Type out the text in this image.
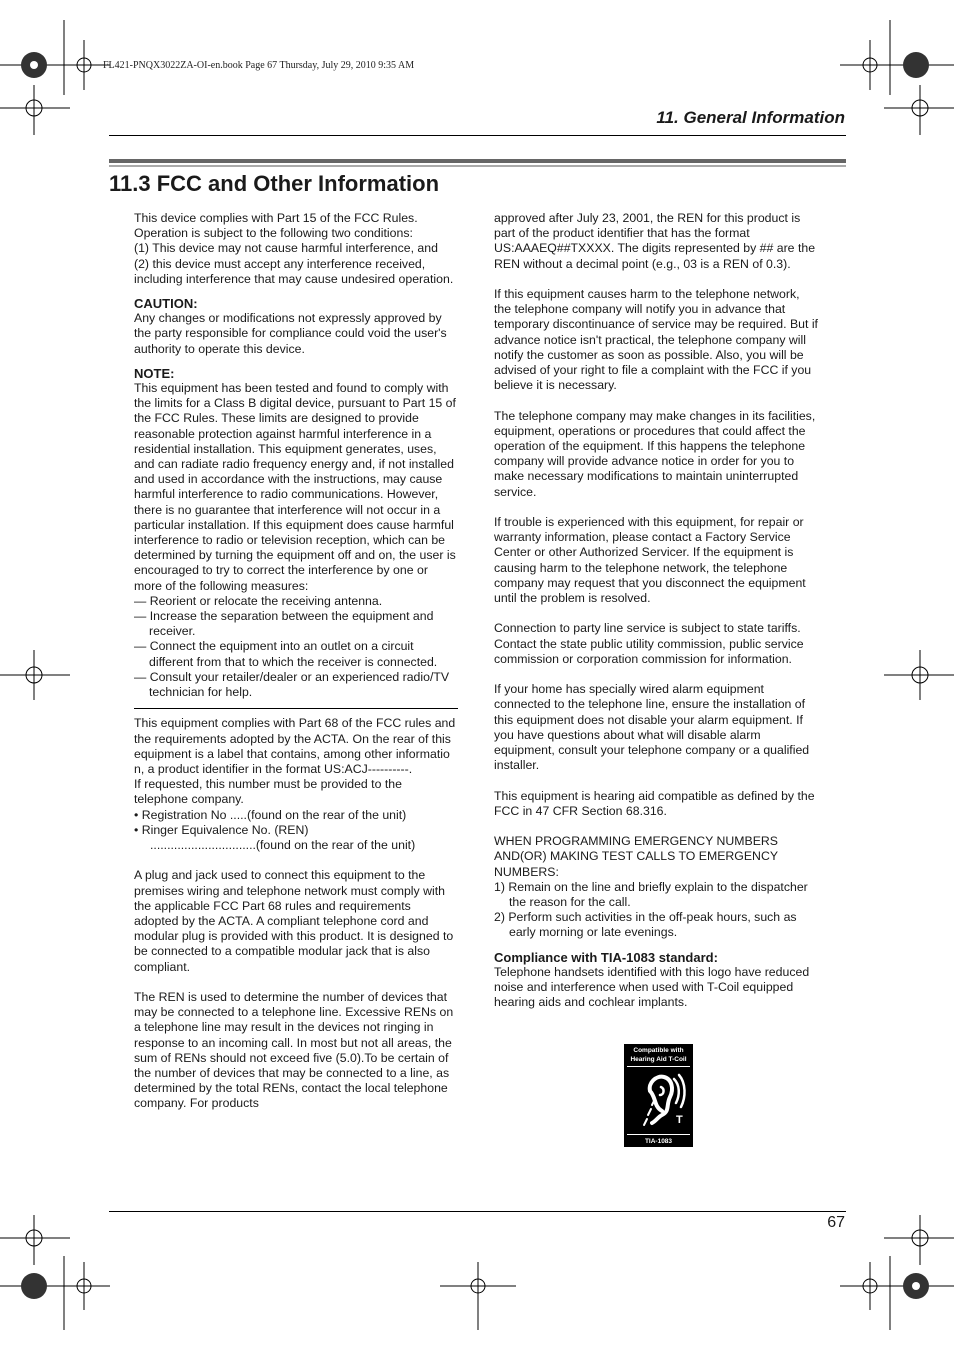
FL421-PNQX3022ZA-OI-en.book Page 67 Thursday, July 29, 2010 9:35 AM
11. General Information
11.3 FCC and Other Information

This device complies with Part 15 of the FCC Rules.

Operation is subject to the following two conditions:

(1) This device may not cause harmful interference, and

(2) this device must accept any interference received, including interference that may cause undesired operation.

CAUTION:

Any changes or modifications not expressly approved by the party responsible for compliance could void the user's authority to operate this device.

NOTE:

This equipment has been tested and found to comply with the limits for a Class B digital device, pursuant to Part 15 of the FCC Rules. These limits are designed to provide reasonable protection against harmful interference in a residential installation. This equipment generates, uses, and can radiate radio frequency energy and, if not installed and used in accordance with the instructions, may cause harmful interference to radio communications. However, there is no guarantee that interference will not occur in a particular installation. If this equipment does cause harmful interference to radio or television reception, which can be determined by turning the equipment off and on, the user is encouraged to try to correct the interference by one or more of the following measures:

— Reorient or relocate the receiving antenna.

— Increase the separation between the equipment and receiver.

— Connect the equipment into an outlet on a circuit different from that to which the receiver is connected.

— Consult your retailer/dealer or an experienced radio/TV technician for help.

This equipment complies with Part 68 of the FCC rules and the requirements adopted by the ACTA. On the rear of this equipment is a label that contains, among other information, a product identifier in the format US:ACJ----------.

If requested, this number must be provided to the telephone company.

• Registration No .....(found on the rear of the unit)

• Ringer Equivalence No. (REN)

...............................(found on the rear of the unit)

A plug and jack used to connect this equipment to the premises wiring and telephone network must comply with the applicable FCC Part 68 rules and requirements adopted by the ACTA. A compliant telephone cord and modular plug is provided with this product. It is designed to be connected to a compatible modular jack that is also compliant.

The REN is used to determine the number of devices that may be connected to a telephone line. Excessive RENs on a telephone line may result in the devices not ringing in response to an incoming call. In most but not all areas, the sum of RENs should not exceed five (5.0).To be certain of the number of devices that may be connected to a line, as determined by the total RENs, contact the local telephone company. For products

approved after July 23, 2001, the REN for this product is part of the product identifier that has the format US:AAAEQ##TXXXX. The digits represented by ## are the REN without a decimal point (e.g., 03 is a REN of 0.3).

If this equipment causes harm to the telephone network, the telephone company will notify you in advance that temporary discontinuance of service may be required. But if advance notice isn't practical, the telephone company will notify the customer as soon as possible. Also, you will be advised of your right to file a complaint with the FCC if you believe it is necessary.

The telephone company may make changes in its facilities, equipment, operations or procedures that could affect the operation of the equipment. If this happens the telephone company will provide advance notice in order for you to make necessary modifications to maintain uninterrupted service.

If trouble is experienced with this equipment, for repair or warranty information, please contact a Factory Service Center or other Authorized Servicer. If the equipment is causing harm to the telephone network, the telephone company may request that you disconnect the equipment until the problem is resolved.

Connection to party line service is subject to state tariffs. Contact the state public utility commission, public service commission or corporation commission for information.

If your home has specially wired alarm equipment connected to the telephone line, ensure the installation of this equipment does not disable your alarm equipment. If you have questions about what will disable alarm equipment, consult your telephone company or a qualified installer.

This equipment is hearing aid compatible as defined by the FCC in 47 CFR Section 68.316.

WHEN PROGRAMMING EMERGENCY NUMBERS AND(OR) MAKING TEST CALLS TO EMERGENCY NUMBERS:

1) Remain on the line and briefly explain to the dispatcher the reason for the call.

2) Perform such activities in the off-peak hours, such as early morning or late evenings.

Compliance with TIA-1083 standard:

Telephone handsets identified with this logo have reduced noise and interference when used with T-Coil equipped hearing aids and cochlear implants.

Compatible with
Hearing Aid T-Coil
T
TIA-1083
67
